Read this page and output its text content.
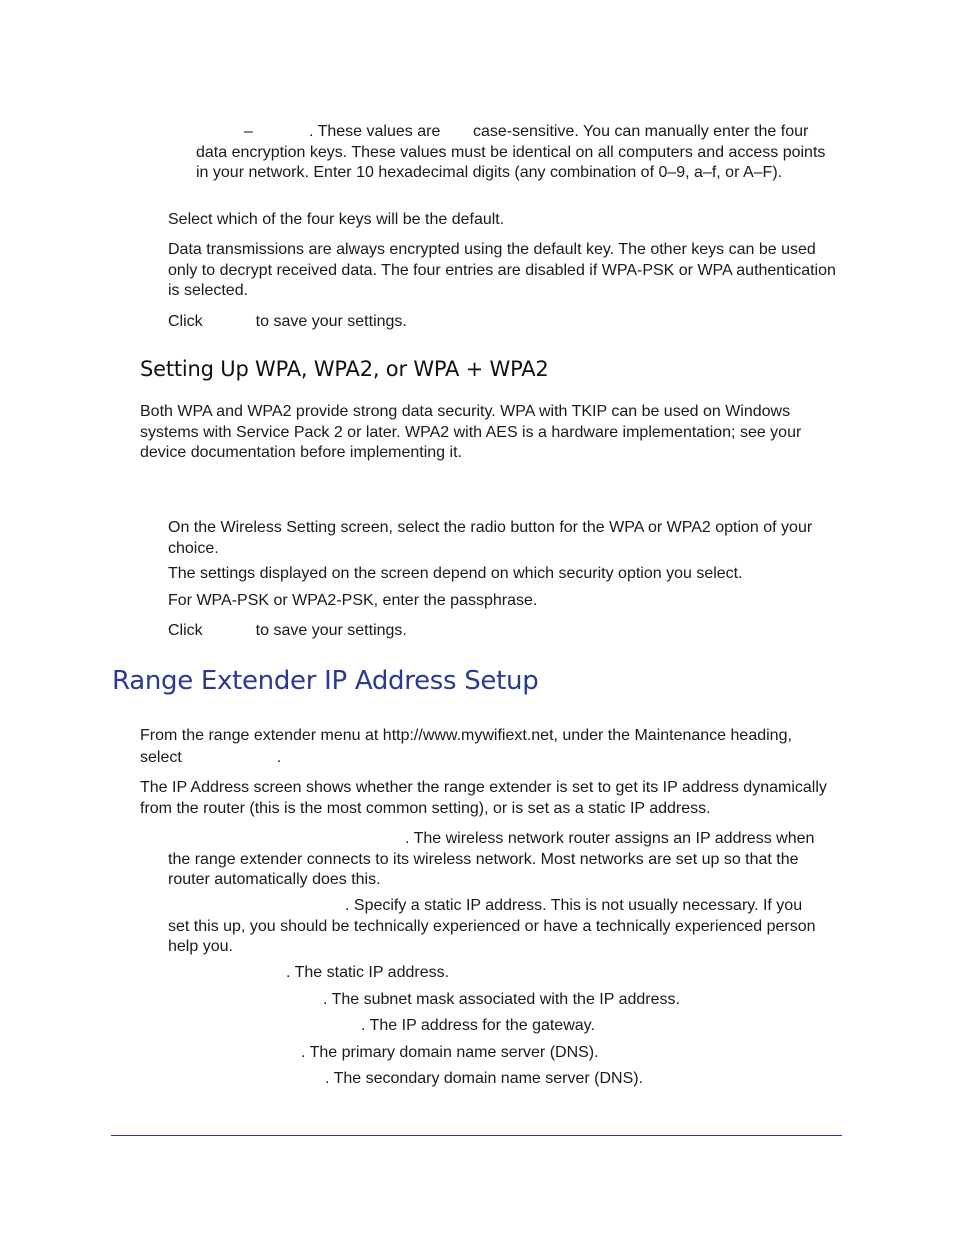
–	. These values are case-sensitive. You can manually enter the four
data encryption keys. These values must be identical on all computers and access points in your network. Enter 10 hexadecimal digits (any combination of 0–9, a–f, or A–F).

Select which of the four keys will be the default.

Data transmissions are always encrypted using the default key. The other keys can be used only to decrypt received data. The four entries are disabled if WPA-PSK or WPA authentication is selected.

Click	to save your settings.

Setting Up WPA, WPA2, or WPA + WPA2

Both WPA and WPA2 provide strong data security. WPA with TKIP can be used on Windows systems with Service Pack 2 or later. WPA2 with AES is a hardware implementation; see your device documentation before implementing it.

On the Wireless Setting screen, select the radio button for the WPA or WPA2 option of your choice.

The settings displayed on the screen depend on which security option you select.

For WPA-PSK or WPA2-PSK, enter the passphrase.

Click	to save your settings.

Range Extender IP Address Setup

From the range extender menu at http://www.mywifiext.net, under the Maintenance heading,
select	.

The IP Address screen shows whether the range extender is set to get its IP address dynamically from the router (this is the most common setting), or is set as a static IP address.

. The wireless network router assigns an IP address when
the range extender connects to its wireless network. Most networks are set up so that the router automatically does this.

. Specify a static IP address. This is not usually necessary. If you
set this up, you should be technically experienced or have a technically experienced person help you.

. The static IP address.

. The subnet mask associated with the IP address.

. The IP address for the gateway.

. The primary domain name server (DNS).

. The secondary domain name server (DNS).
